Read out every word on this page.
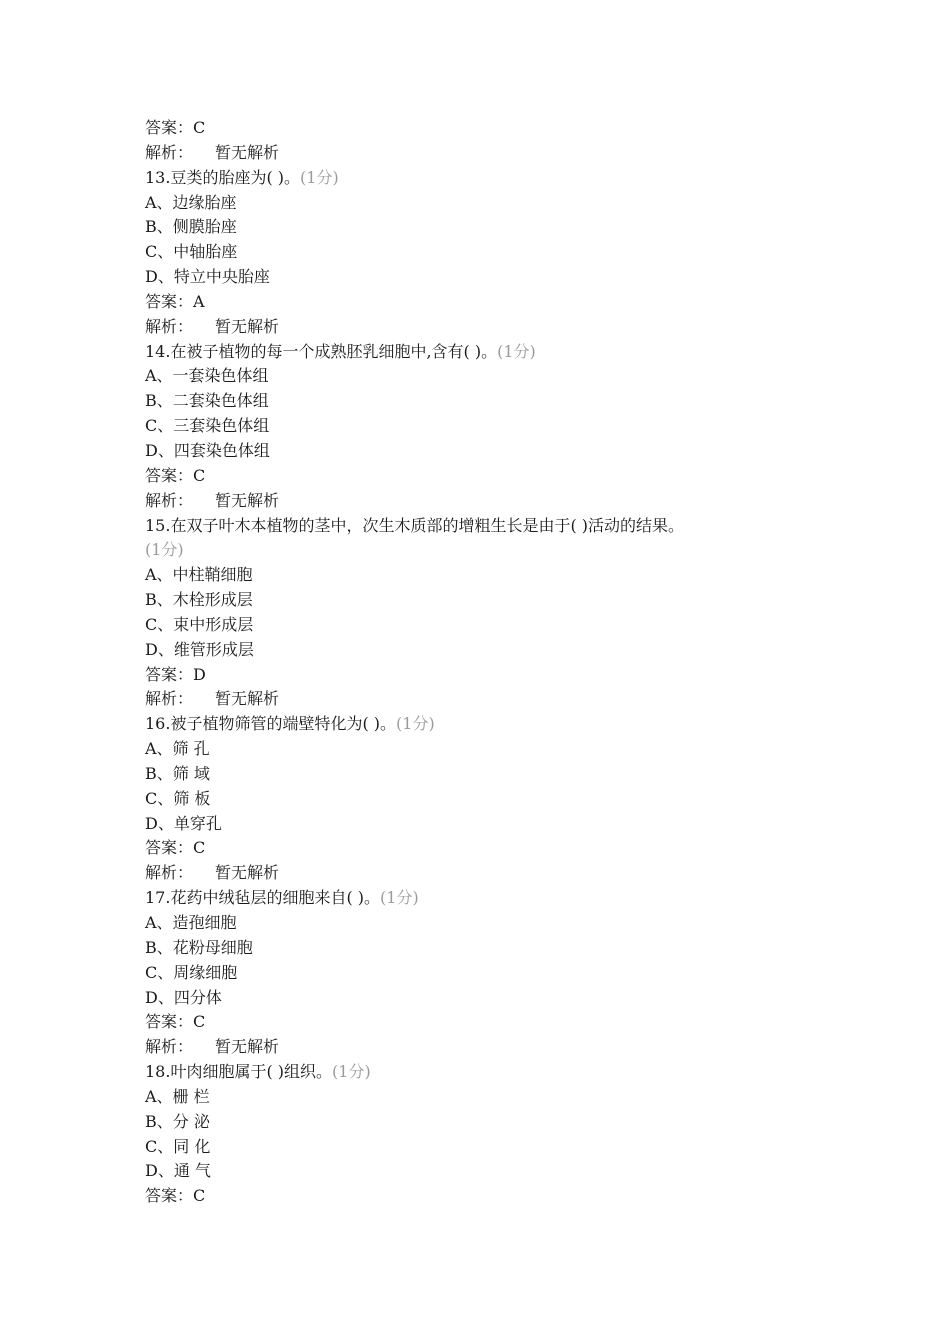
答案：C
解析： 暂无解析
13.豆类的胎座为( )。(1分)
A、边缘胎座
B、侧膜胎座
C、中轴胎座
D、特立中央胎座
答案：A
解析： 暂无解析
14.在被子植物的每一个成熟胚乳细胞中,含有( )。(1分)
A、一套染色体组
B、二套染色体组
C、三套染色体组
D、四套染色体组
答案：C
解析： 暂无解析
15.在双子叶木本植物的茎中，次生木质部的增粗生长是由于( )活动的结果。
(1分)
A、中柱鞘细胞
B、木栓形成层
C、束中形成层
D、维管形成层
答案：D
解析： 暂无解析
16.被子植物筛管的端壁特化为( )。(1分)
A、筛 孔
B、筛 域
C、筛 板
D、单穿孔
答案：C
解析： 暂无解析
17.花药中绒毡层的细胞来自( )。(1分)
A、造孢细胞
B、花粉母细胞
C、周缘细胞
D、四分体
答案：C
解析： 暂无解析
18.叶肉细胞属于( )组织。(1分)
A、栅 栏
B、分 泌
C、同 化
D、通 气
答案：C
